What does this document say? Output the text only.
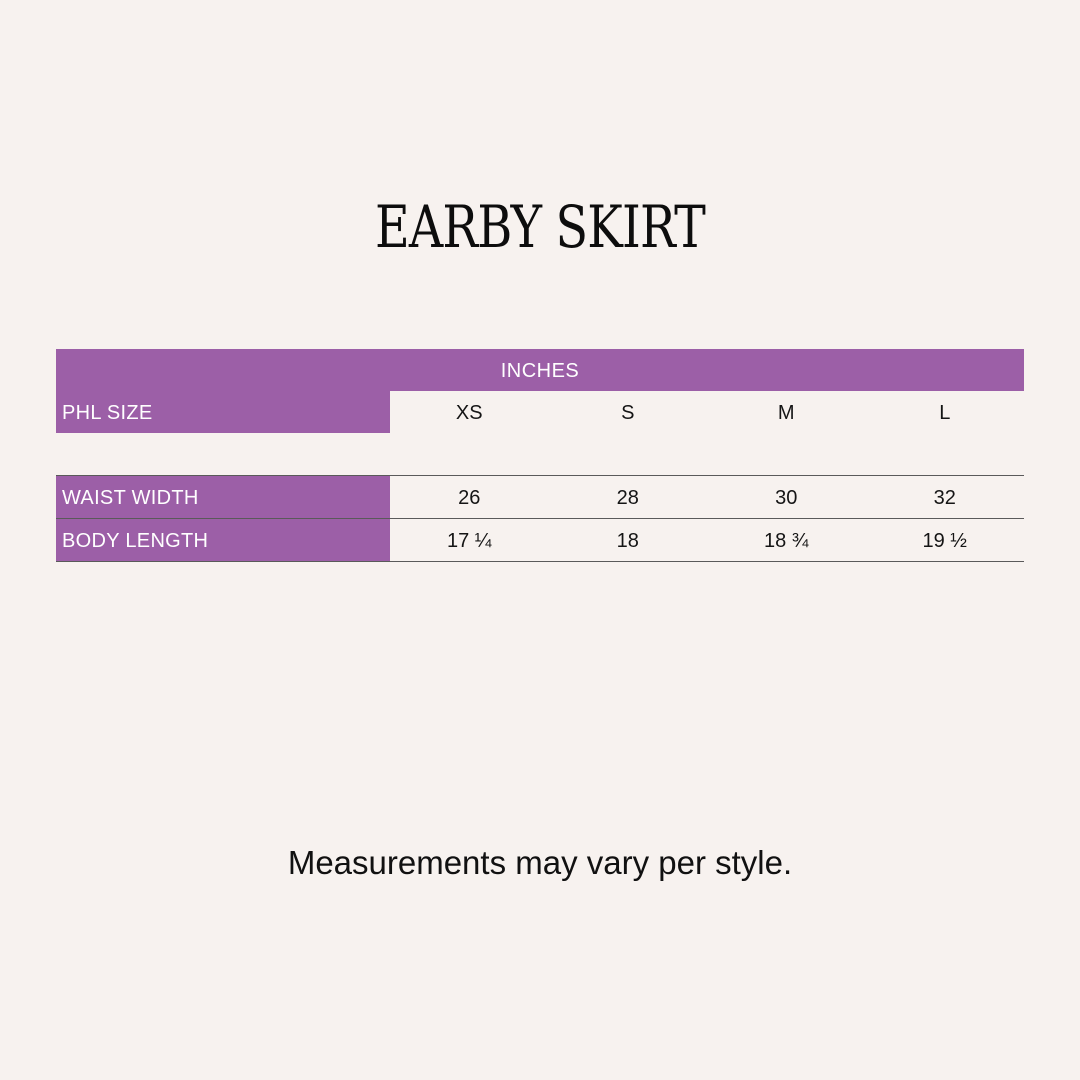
EARBY SKIRT
INCHES
PHL SIZE	XS	S	M	L
WAIST WIDTH	26	28	30	32
BODY LENGTH	17 ¼	18	18 ¾	19 ½
Measurements may vary per style.
